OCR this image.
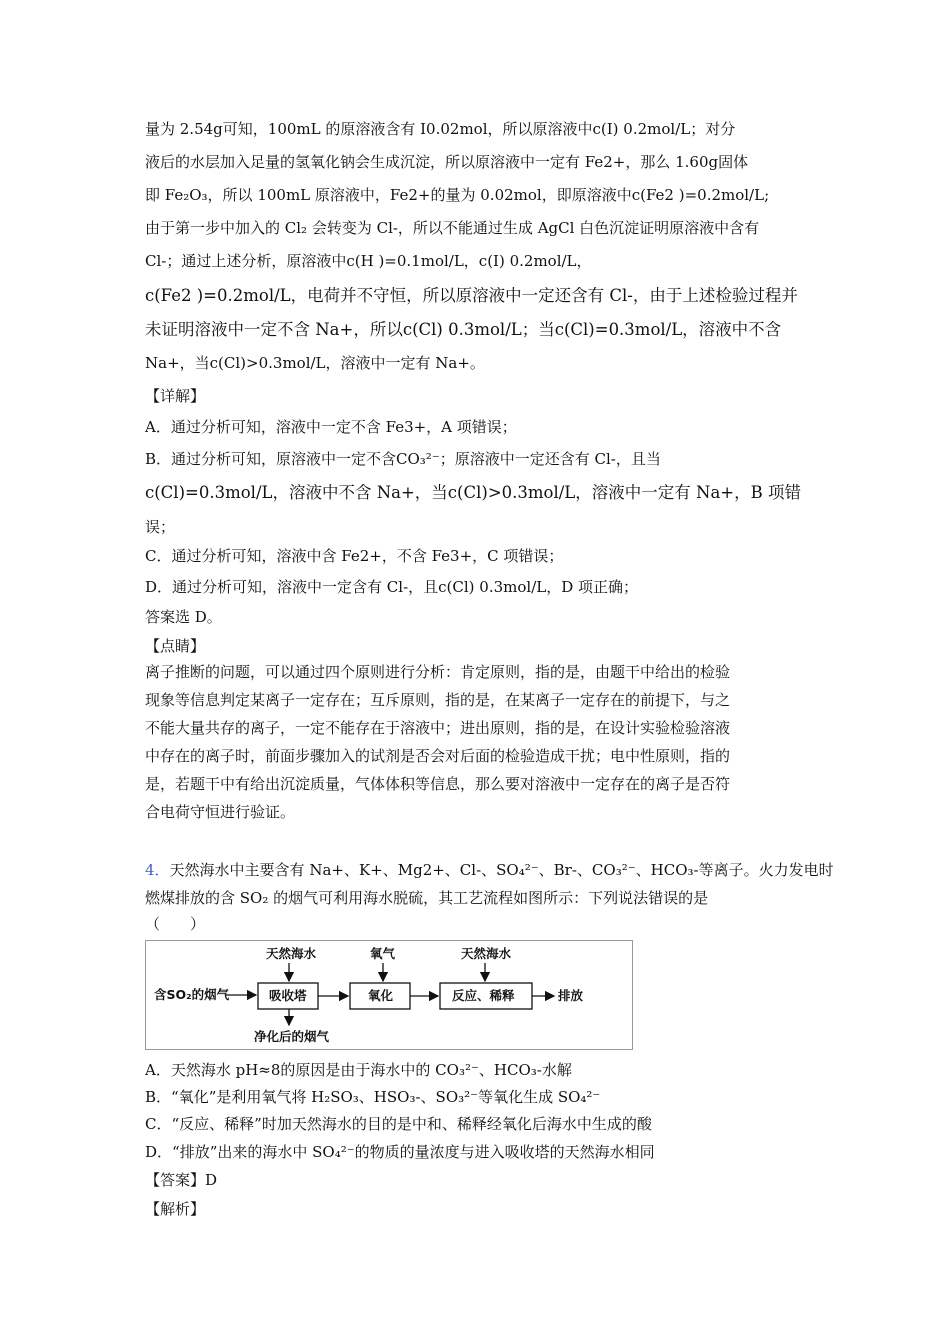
量为 2.54g可知，100mL 的原溶液含有 I0.02mol，所以原溶液中c(I) 0.2mol/L；对分
液后的水层加入足量的氢氧化钠会生成沉淀，所以原溶液中一定有 Fe2+，那么 1.60g固体
即 Fe₂O₃，所以 100mL 原溶液中，Fe2+的量为 0.02mol，即原溶液中c(Fe2 )=0.2mol/L;
由于第一步中加入的 Cl₂ 会转变为 Cl-，所以不能通过生成 AgCl 白色沉淀证明原溶液中含有
Cl-；通过上述分析，原溶液中c(H )=0.1mol/L，c(I) 0.2mol/L，
c(Fe2 )=0.2mol/L，电荷并不守恒，所以原溶液中一定还含有 Cl-，由于上述检验过程并
未证明溶液中一定不含 Na+，所以c(Cl) 0.3mol/L；当c(Cl)=0.3mol/L，溶液中不含
Na+，当c(Cl)>0.3mol/L，溶液中一定有 Na+。
【详解】
A．通过分析可知，溶液中一定不含 Fe3+，A 项错误；
B．通过分析可知，原溶液中一定不含CO₃²⁻；原溶液中一定还含有 Cl-，且当
c(Cl)=0.3mol/L，溶液中不含 Na+，当c(Cl)>0.3mol/L，溶液中一定有 Na+，B 项错
误；
C．通过分析可知，溶液中含 Fe2+，不含 Fe3+，C 项错误；
D．通过分析可知，溶液中一定含有 Cl-，且c(Cl) 0.3mol/L，D 项正确；
答案选 D。
【点睛】
离子推断的问题，可以通过四个原则进行分析：肯定原则，指的是，由题干中给出的检验
现象等信息判定某离子一定存在；互斥原则，指的是，在某离子一定存在的前提下，与之
不能大量共存的离子，一定不能存在于溶液中；进出原则，指的是，在设计实验检验溶液
中存在的离子时，前面步骤加入的试剂是否会对后面的检验造成干扰；电中性原则，指的
是，若题干中有给出沉淀质量，气体体积等信息，那么要对溶液中一定存在的离子是否符
合电荷守恒进行验证。
4．天然海水中主要含有 Na+、K+、Mg2+、Cl-、SO₄²⁻、Br-、CO₃²⁻、HCO₃-等离子。火力发电时
燃煤排放的含 SO₂ 的烟气可利用海水脱硫，其工艺流程如图所示：下列说法错误的是
（　　）
天然海水	氧气	天然海水
含SO₂的烟气	吸收塔	氧化	反应、稀释	排放
净化后的烟气
A．天然海水 pH≈8的原因是由于海水中的 CO₃²⁻、HCO₃-水解
B．“氧化”是利用氧气将 H₂SO₃、HSO₃-、SO₃²⁻等氧化生成 SO₄²⁻
C．“反应、稀释”时加天然海水的目的是中和、稀释经氧化后海水中生成的酸
D．“排放”出来的海水中 SO₄²⁻的物质的量浓度与进入吸收塔的天然海水相同
【答案】D
【解析】
